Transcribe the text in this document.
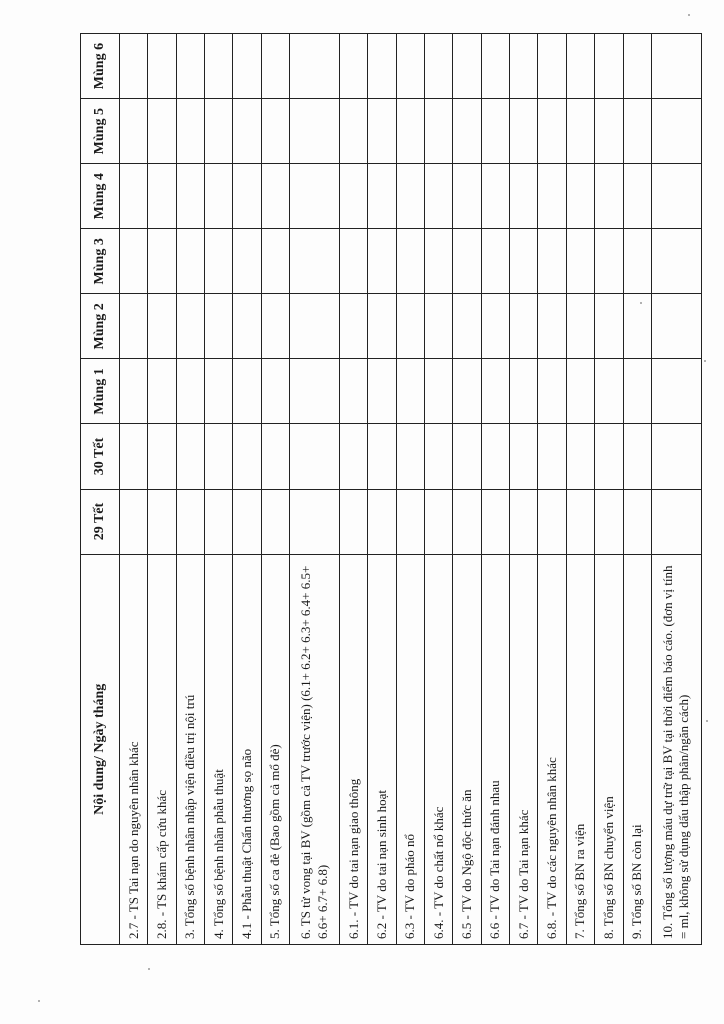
Nội dung/ Ngày tháng	29 Tết	30 Tết	Mùng 1	Mùng 2	Mùng 3	Mùng 4	Mùng 5	Mùng 6
2.7 - TS Tai nạn do nguyên nhân khác								
2.8. - TS khám cấp cứu khác								
3. Tổng số bệnh nhân nhập viện điều trị nội trú								
4. Tổng số bệnh nhân phẫu thuật								
4.1 - Phẫu thuật Chấn thương sọ não								
5. Tổng số ca đẻ (Bao gồm cả mổ đẻ)								
6. TS tử vong tại BV (gồm cả TV trước viện) (6.1+ 6.2+ 6.3+ 6.4+ 6.5+ 6.6+ 6.7+ 6.8)								
6.1. - TV do tai nạn giao thông								
6.2 - TV do tai nạn sinh hoạt								
6.3 - TV do pháo nổ								
6.4. - TV do chất nổ khác								
6.5 - TV do Ngộ độc thức ăn								
6.6 - TV do Tai nạn đánh nhau								
6.7 - TV do Tai nạn khác								
6.8. - TV do các nguyên nhân khác								
7. Tổng số BN ra viện								
8. Tổng số BN chuyển viện								
9. Tổng số BN còn lại								
10. Tổng số lượng máu dự trữ tại BV tại thời điểm báo cáo. (đơn vị tính = ml, không sử dụng dấu thập phân/ngăn cách)								
